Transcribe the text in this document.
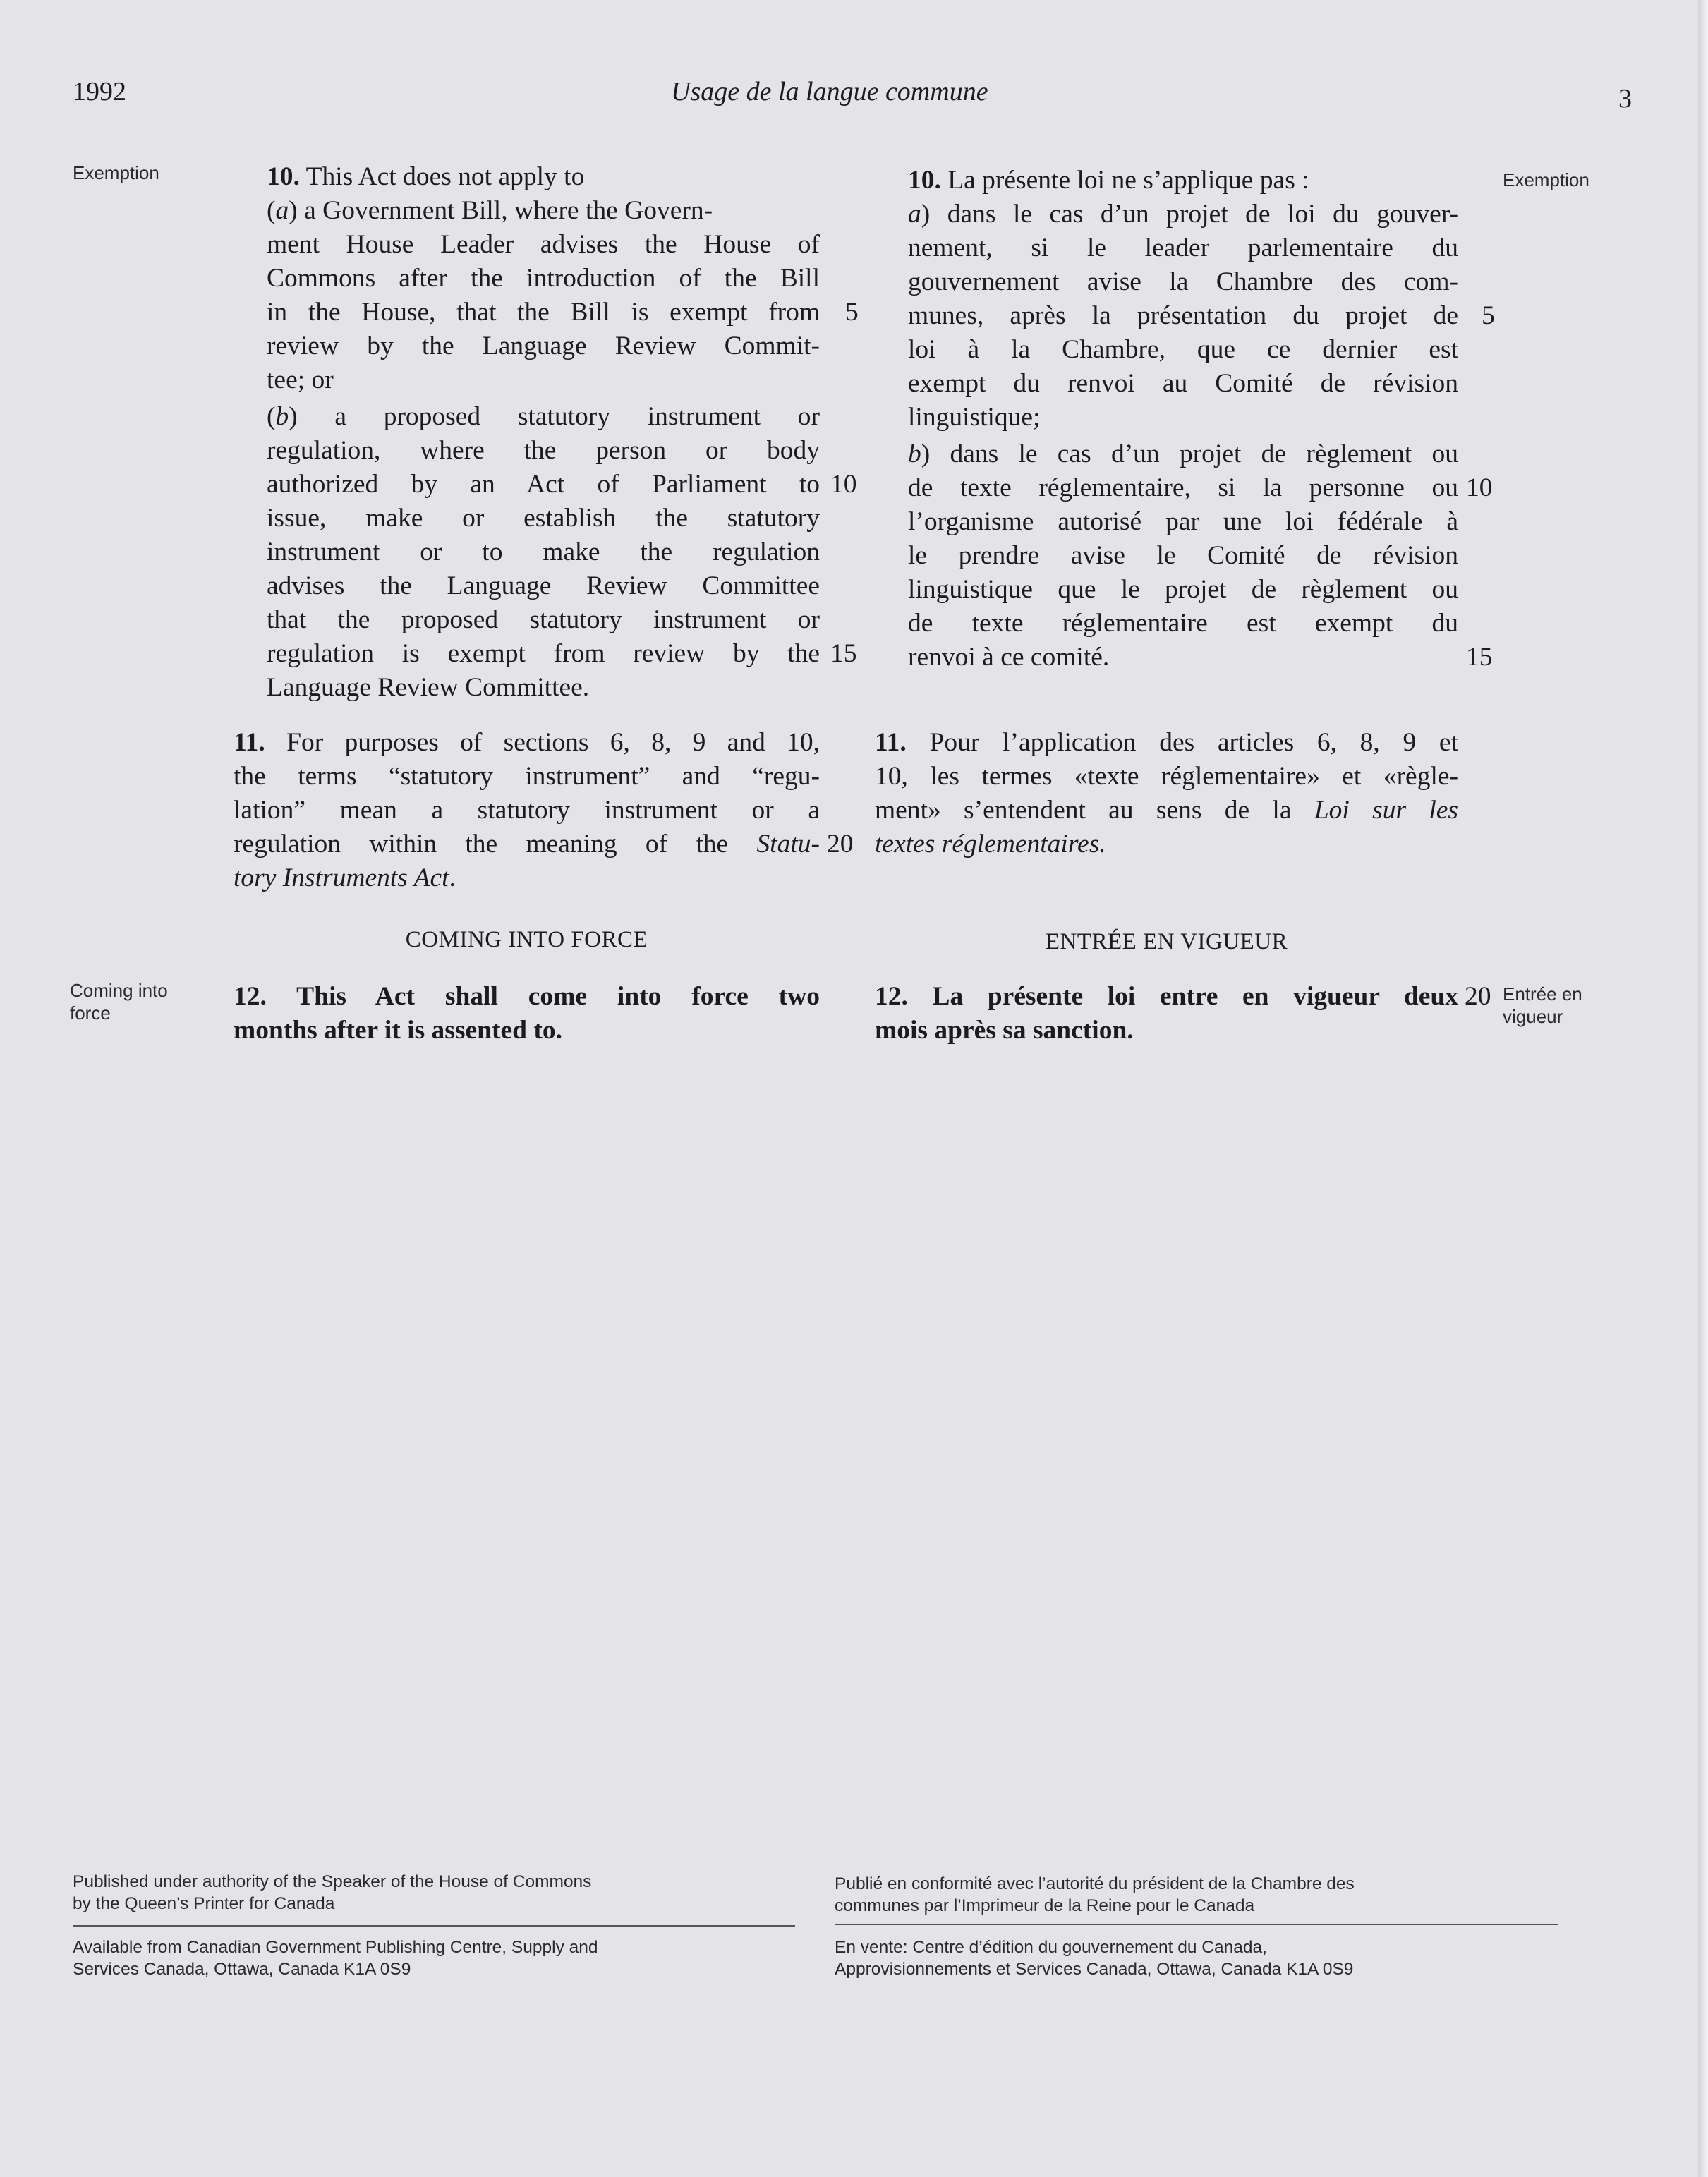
1992	Usage de la langue commune	3
Exemption	Exemption
Coming into
force
Entrée en
vigueur
10. This Act does not apply to
(a) a Government Bill, where the Govern-
ment House Leader advises the House of
Commons after the introduction of the Bill
in the House, that the Bill is exempt from
review by the Language Review Commit-
tee; or
(b) a proposed statutory instrument or
regulation, where the person or body
authorized by an Act of Parliament to
issue, make or establish the statutory
instrument or to make the regulation
advises the Language Review Committee
that the proposed statutory instrument or
regulation is exempt from review by the
Language Review Committee.
11. For purposes of sections 6, 8, 9 and 10,
the terms “statutory instrument” and “regu-
lation” mean a statutory instrument or a
regulation within the meaning of the Statu-
tory Instruments Act.
COMING INTO FORCE
12. This Act shall come into force two
months after it is assented to.
5
10
15
20
10. La présente loi ne s’applique pas :
a) dans le cas d’un projet de loi du gouver-
nement, si le leader parlementaire du
gouvernement avise la Chambre des com-
munes, après la présentation du projet de
loi à la Chambre, que ce dernier est
exempt du renvoi au Comité de révision
linguistique;
b) dans le cas d’un projet de règlement ou
de texte réglementaire, si la personne ou
l’organisme autorisé par une loi fédérale à
le prendre avise le Comité de révision
linguistique que le projet de règlement ou
de texte réglementaire est exempt du
renvoi à ce comité.
11. Pour l’application des articles 6, 8, 9 et
10, les termes «texte réglementaire» et «règle-
ment» s’entendent au sens de la Loi sur les
textes réglementaires.
ENTRÉE EN VIGUEUR
12. La présente loi entre en vigueur deux
mois après sa sanction.
5
10
15
20
Published under authority of the Speaker of the House of Commons
by the Queen’s Printer for Canada
Available from Canadian Government Publishing Centre, Supply and
Services Canada, Ottawa, Canada K1A 0S9
Publié en conformité avec l’autorité du président de la Chambre des
communes par l’Imprimeur de la Reine pour le Canada
En vente: Centre d’édition du gouvernement du Canada,
Approvisionnements et Services Canada, Ottawa, Canada K1A 0S9
